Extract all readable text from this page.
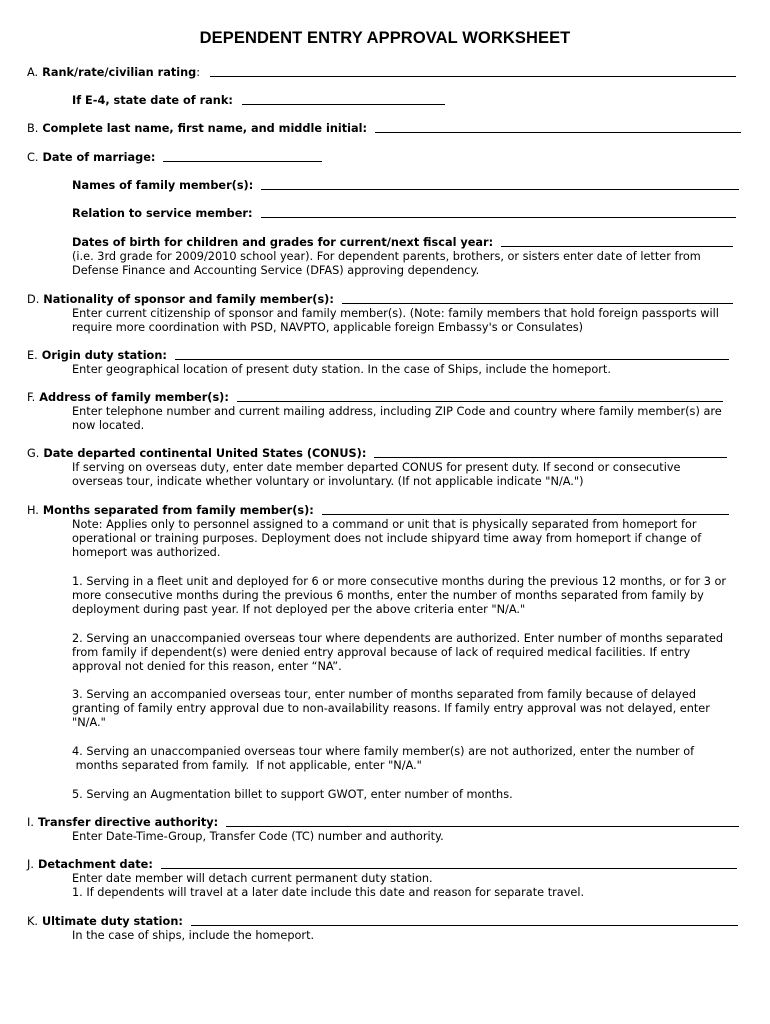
DEPENDENT ENTRY APPROVAL WORKSHEET
A. Rank/rate/civilian rating :
If E-4, state date of rank:
B. Complete last name, first name, and middle initial:
C. Date of marriage:
Names of family member(s):
Relation to service member:
Dates of birth for children and grades for current/next fiscal year:

(i.e. 3rd grade for 2009/2010 school year). For dependent parents, brothers, or sisters enter date of letter from

Defense Finance and Accounting Service (DFAS) approving dependency.

D. Nationality of sponsor and family member(s):

Enter current citizenship of sponsor and family member(s). (Note: family members that hold foreign passports will

require more coordination with PSD, NAVPTO, applicable foreign Embassy's or Consulates)

E. Origin duty station:

Enter geographical location of present duty station. In the case of Ships, include the homeport.

F. Address of family member(s):

Enter telephone number and current mailing address, including ZIP Code and country where family member(s) are

now located.

G. Date departed continental United States (CONUS):

If serving on overseas duty, enter date member departed CONUS for present duty. If second or consecutive

overseas tour, indicate whether voluntary or involuntary. (If not applicable indicate "N/A.")

H. Months separated from family member(s):

Note: Applies only to personnel assigned to a command or unit that is physically separated from homeport for

operational or training purposes. Deployment does not include shipyard time away from homeport if change of

homeport was authorized.

1. Serving in a fleet unit and deployed for 6 or more consecutive months during the previous 12 months, or for 3 or

more consecutive months during the previous 6 months, enter the number of months separated from family by

deployment during past year. If not deployed per the above criteria enter "N/A."

2. Serving an unaccompanied overseas tour where dependents are authorized. Enter number of months separated

from family if dependent(s) were denied entry approval because of lack of required medical facilities. If entry

approval not denied for this reason, enter “NA”.

3. Serving an accompanied overseas tour, enter number of months separated from family because of delayed

granting of family entry approval due to non-availability reasons. If family entry approval was not delayed, enter

"N/A."

4. Serving an unaccompanied overseas tour where family member(s) are not authorized, enter the number of

months separated from family.  If not applicable, enter "N/A."

5. Serving an Augmentation billet to support GWOT, enter number of months.

I. Transfer directive authority:

Enter Date-Time-Group, Transfer Code (TC) number and authority.

J. Detachment date:

Enter date member will detach current permanent duty station.

1. If dependents will travel at a later date include this date and reason for separate travel.

K. Ultimate duty station:

In the case of ships, include the homeport.
